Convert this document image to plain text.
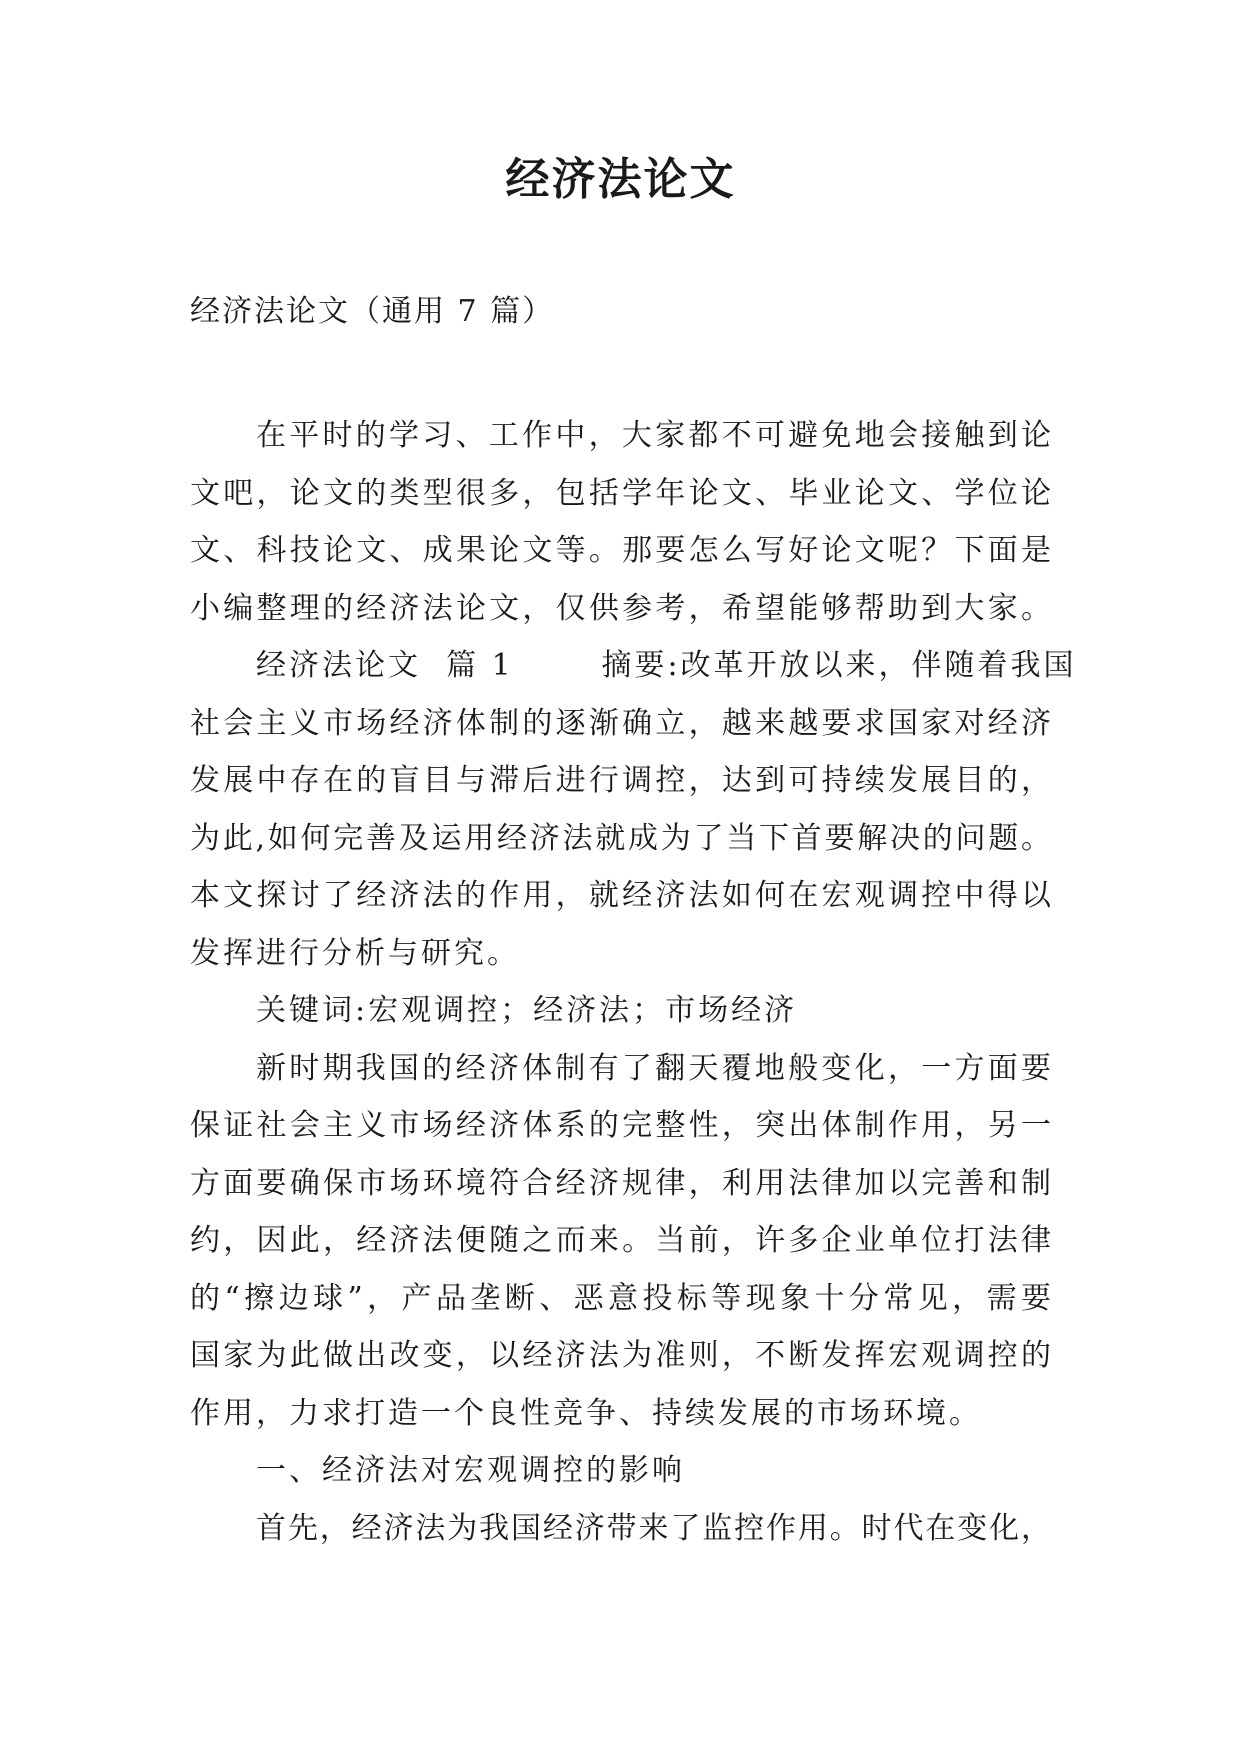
经济法论文
经济法论文（通用 7 篇）
在平时的学习、工作中，大家都不可避免地会接触到论
文吧，论文的类型很多，包括学年论文、毕业论文、学位论
文、科技论文、成果论文等。那要怎么写好论文呢？下面是
小编整理的经济法论文，仅供参考，希望能够帮助到大家。
经济法论文  篇 1       摘要:改革开放以来，伴随着我国
社会主义市场经济体制的逐渐确立，越来越要求国家对经济
发展中存在的盲目与滞后进行调控，达到可持续发展目的，
为此,如何完善及运用经济法就成为了当下首要解决的问题。
本文探讨了经济法的作用，就经济法如何在宏观调控中得以
发挥进行分析与研究。
关键词:宏观调控；经济法；市场经济
新时期我国的经济体制有了翻天覆地般变化，一方面要
保证社会主义市场经济体系的完整性，突出体制作用，另一
方面要确保市场环境符合经济规律，利用法律加以完善和制
约，因此，经济法便随之而来。当前，许多企业单位打法律
的“擦边球”，产品垄断、恶意投标等现象十分常见，需要
国家为此做出改变，以经济法为准则，不断发挥宏观调控的
作用，力求打造一个良性竞争、持续发展的市场环境。
一、经济法对宏观调控的影响
首先，经济法为我国经济带来了监控作用。时代在变化，
